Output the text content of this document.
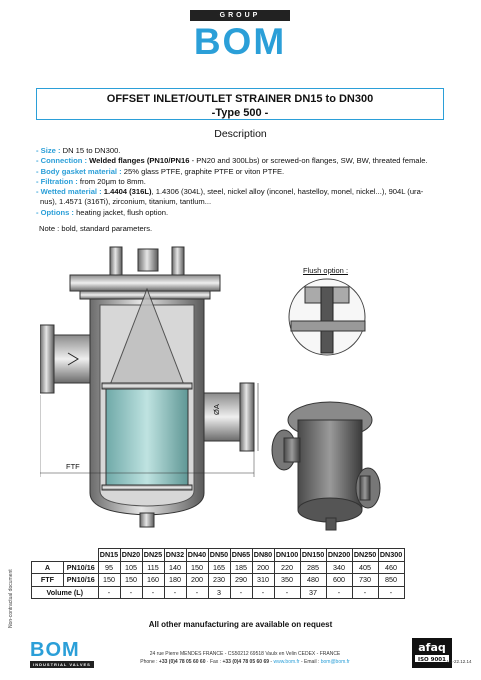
GROUP
BOM
OFFSET INLET/OUTLET STRAINER DN15 to DN300
-Type 500 -
Description
- Size : DN 15 to DN300.
- Connection : Welded flanges (PN10/PN16 - PN20 and 300Lbs) or screwed-on flanges, SW, BW, threated female.
- Body gasket material : 25% glass PTFE, graphite PTFE or viton PTFE.
- Filtration : from 20μm to 8mm.
- Wetted material : 1.4404 (316L), 1.4306 (304L), steel, nickel alloy (inconel, hastelloy, monel, nickel...), 904L (ura-
nus), 1.4571 (316Ti), zirconium, titanium, tantlum...
- Options : heating jacket, flush option.
Note : bold, standard parameters.
ØA
FTF
Flush option :
Non-contractual document
		DN15	DN20	DN25	DN32	DN40	DN50	DN65	DN80	DN100	DN150	DN200	DN250	DN300
A	PN10/16	95	105	115	140	150	165	185	200	220	285	340	405	460
FTF	PN10/16	150	150	160	180	200	230	290	310	350	480	600	730	850
Volume (L)		-	-	-	-	-	3	-	-	-	37	-	-	-
All other manufacturing are available on request
BOM
INDUSTRIAL VALVES
24 rue Pierre MENDES FRANCE - CS50212 69518 Vaulx en Velin CEDEX - FRANCE
Phone : +33 (0)4 78 05 60 60 · Fax : +33 (0)4 78 05 60 69 - www.bom.fr - Email : bom@bom.fr
afaq
ISO 9001 V1-22.12.14
